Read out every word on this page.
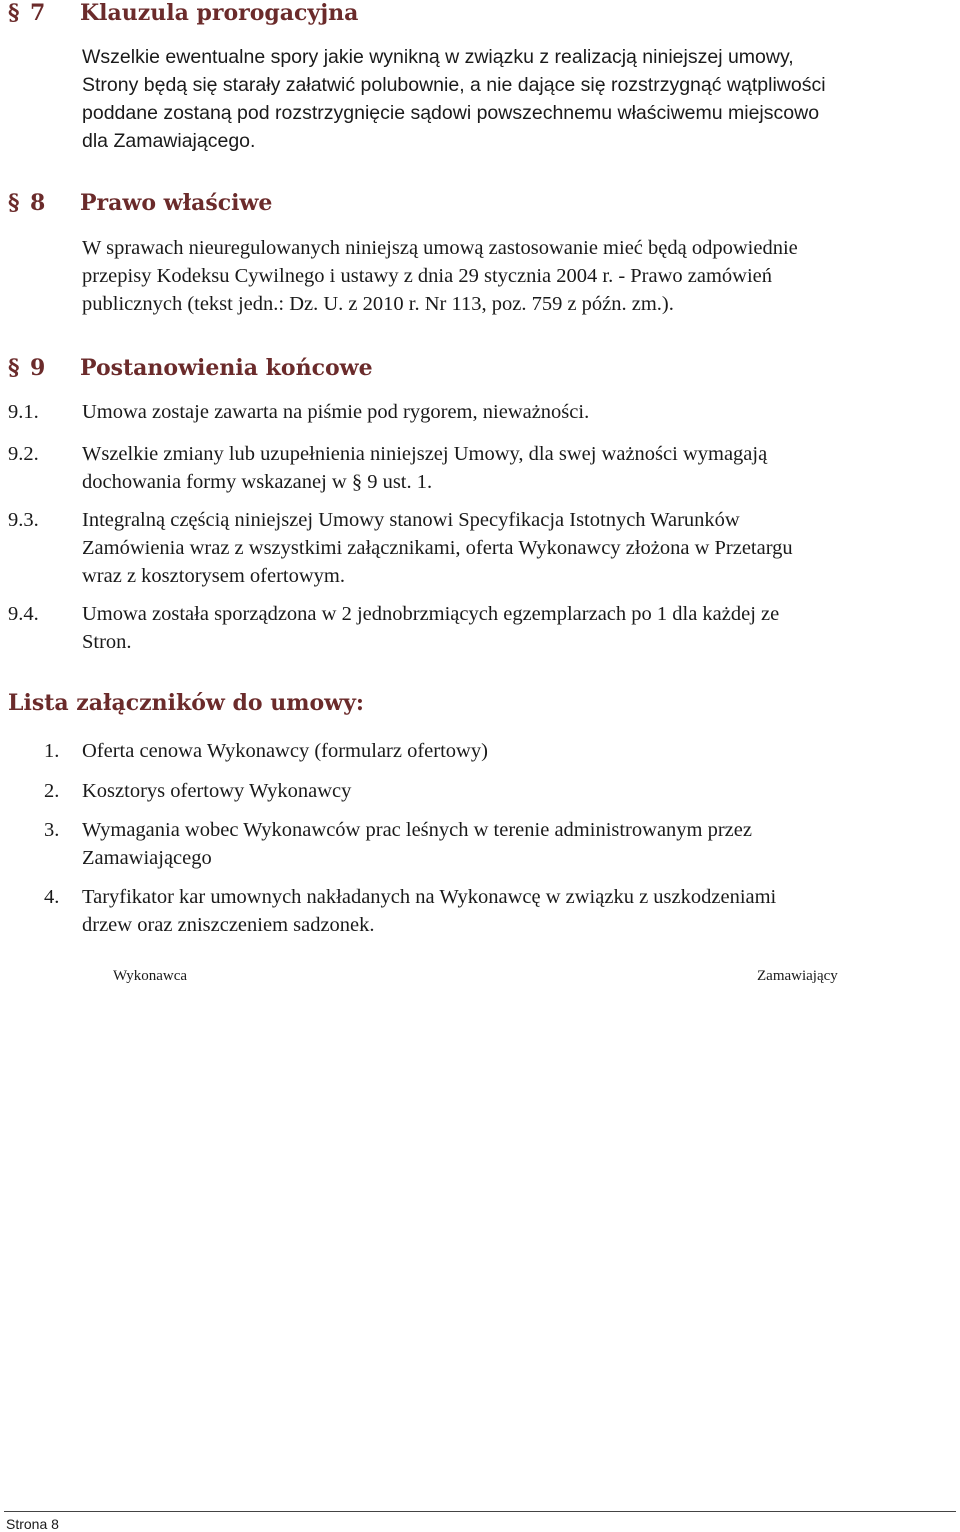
§ 7 Klauzula prorogacyjna
Wszelkie ewentualne spory jakie wynikną w związku z realizacją niniejszej umowy,
Strony będą się starały załatwić polubownie, a nie dające się rozstrzygnąć wątpliwości
poddane zostaną pod rozstrzygnięcie sądowi powszechnemu właściwemu miejscowo
dla Zamawiającego.
§ 8 Prawo właściwe
W sprawach nieuregulowanych niniejszą umową zastosowanie mieć będą odpowiednie
przepisy Kodeksu Cywilnego i ustawy z dnia 29 stycznia 2004 r. - Prawo zamówień
publicznych (tekst jedn.: Dz. U. z 2010 r. Nr 113, poz. 759 z późn. zm.).
§ 9 Postanowienia końcowe
9.1. Umowa zostaje zawarta na piśmie pod rygorem, nieważności.
9.2. Wszelkie zmiany lub uzupełnienia niniejszej Umowy, dla swej ważności wymagają
dochowania formy wskazanej w § 9 ust. 1.
9.3. Integralną częścią niniejszej Umowy stanowi Specyfikacja Istotnych Warunków
Zamówienia wraz z wszystkimi załącznikami, oferta Wykonawcy złożona w Przetargu
wraz z kosztorysem ofertowym.
9.4. Umowa została sporządzona w 2 jednobrzmiących egzemplarzach po 1 dla każdej ze
Stron.
Lista załączników do umowy:
1. Oferta cenowa Wykonawcy (formularz ofertowy)
2. Kosztorys ofertowy Wykonawcy
3. Wymagania wobec Wykonawców prac leśnych w terenie administrowanym przez
Zamawiającego
4. Taryfikator kar umownych nakładanych na Wykonawcę w związku z uszkodzeniami
drzew oraz zniszczeniem sadzonek.
Wykonawca	Zamawiający
Strona 8
